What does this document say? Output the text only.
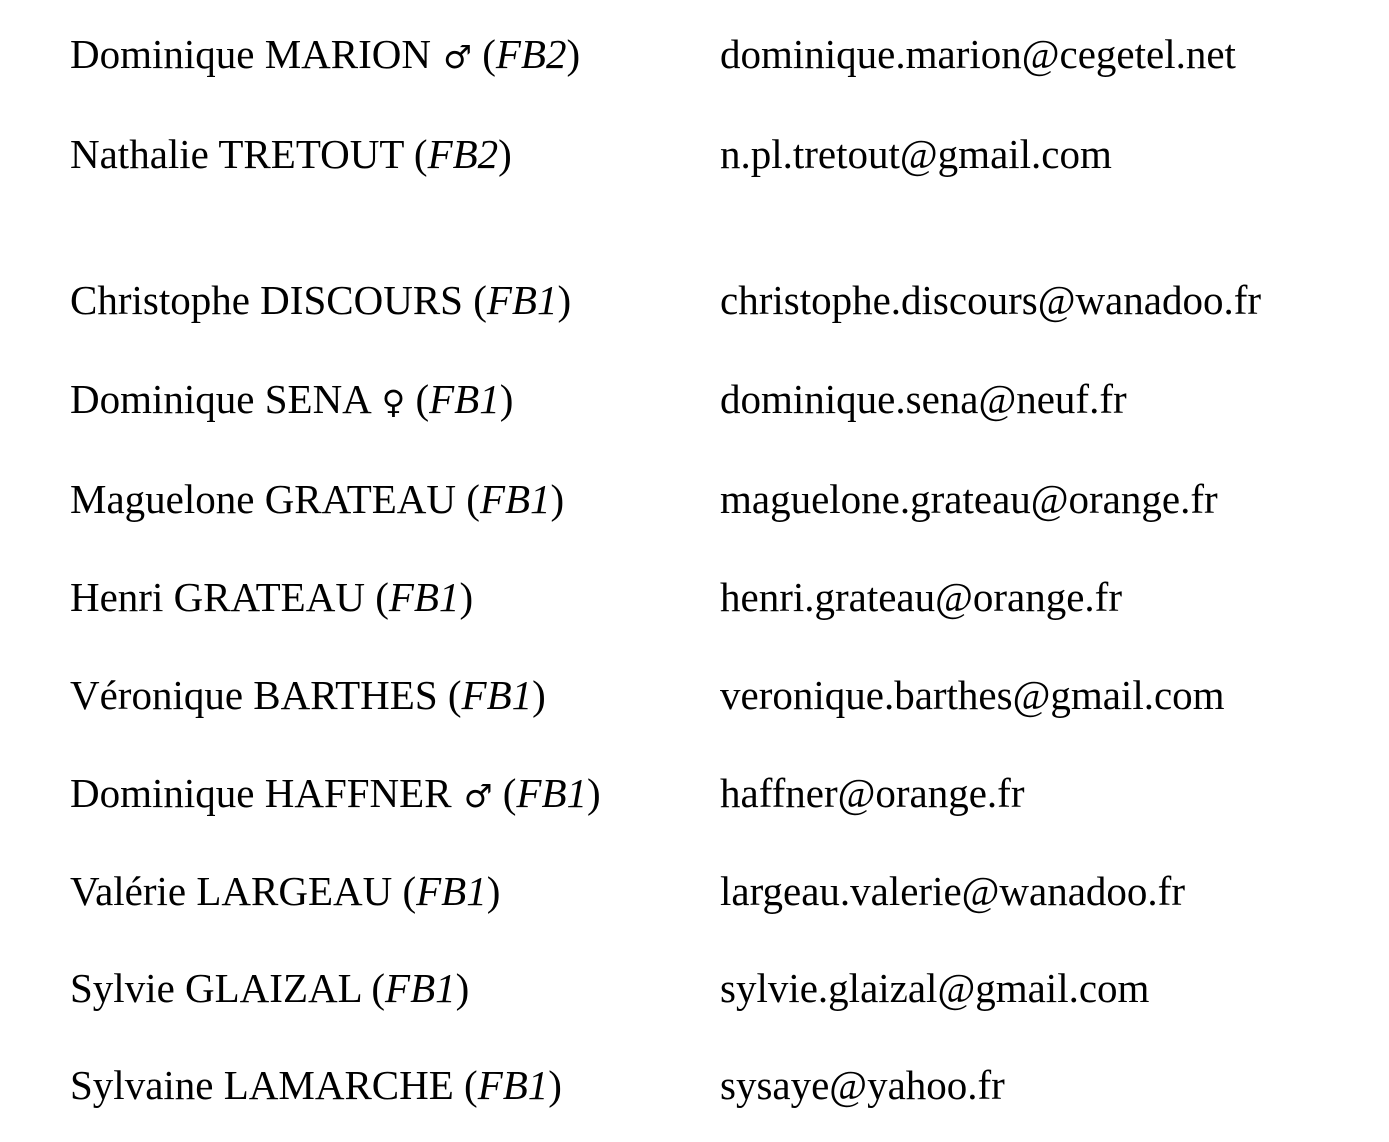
Dominique MARION ♂ (FB2)	dominique.marion@cegetel.net
Nathalie TRETOUT (FB2)	n.pl.tretout@gmail.com
Christophe DISCOURS (FB1)	christophe.discours@wanadoo.fr
Dominique SENA ♀ (FB1)	dominique.sena@neuf.fr
Maguelone GRATEAU (FB1)	maguelone.grateau@orange.fr
Henri GRATEAU (FB1)	henri.grateau@orange.fr
Véronique BARTHES (FB1)	veronique.barthes@gmail.com
Dominique HAFFNER ♂ (FB1)	haffner@orange.fr
Valérie LARGEAU (FB1)	largeau.valerie@wanadoo.fr
Sylvie GLAIZAL (FB1)	sylvie.glaizal@gmail.com
Sylvaine LAMARCHE (FB1)	sysaye@yahoo.fr
